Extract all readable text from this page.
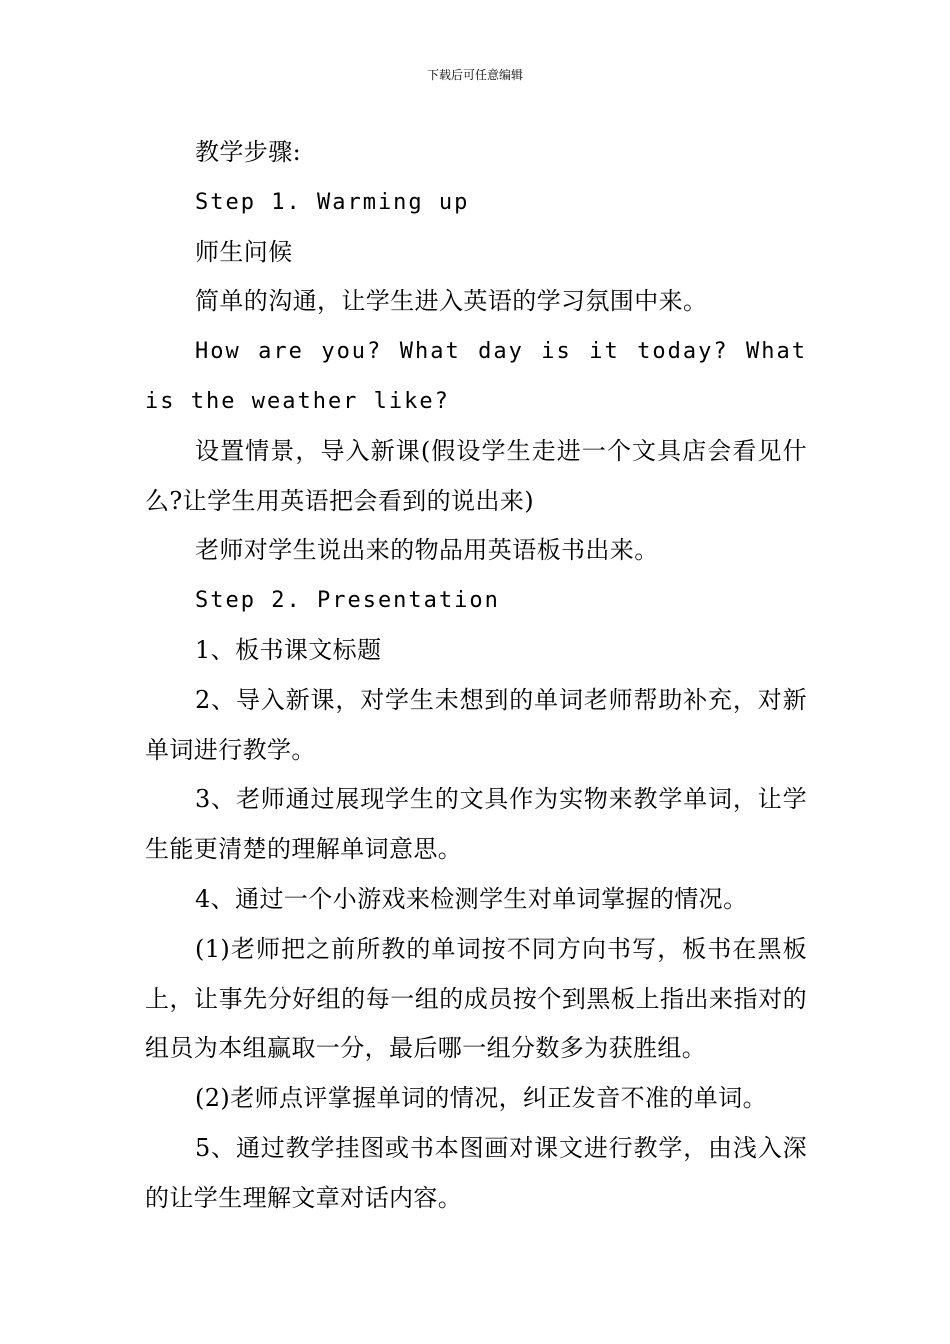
下载后可任意编辑

教学步骤:

Step 1. Warming up

师生问候

简单的沟通，让学生进入英语的学习氛围中来。

How are you? What day is it today? What is the weather like?

设置情景，导入新课(假设学生走进一个文具店会看见什么?让学生用英语把会看到的说出来)

老师对学生说出来的物品用英语板书出来。

Step 2. Presentation

1、板书课文标题

2、导入新课，对学生未想到的单词老师帮助补充，对新单词进行教学。

3、老师通过展现学生的文具作为实物来教学单词，让学生能更清楚的理解单词意思。

4、通过一个小游戏来检测学生对单词掌握的情况。

(1)老师把之前所教的单词按不同方向书写，板书在黑板上，让事先分好组的每一组的成员按个到黑板上指出来指对的组员为本组赢取一分，最后哪一组分数多为获胜组。

(2)老师点评掌握单词的情况，纠正发音不准的单词。

5、通过教学挂图或书本图画对课文进行教学，由浅入深的让学生理解文章对话内容。
